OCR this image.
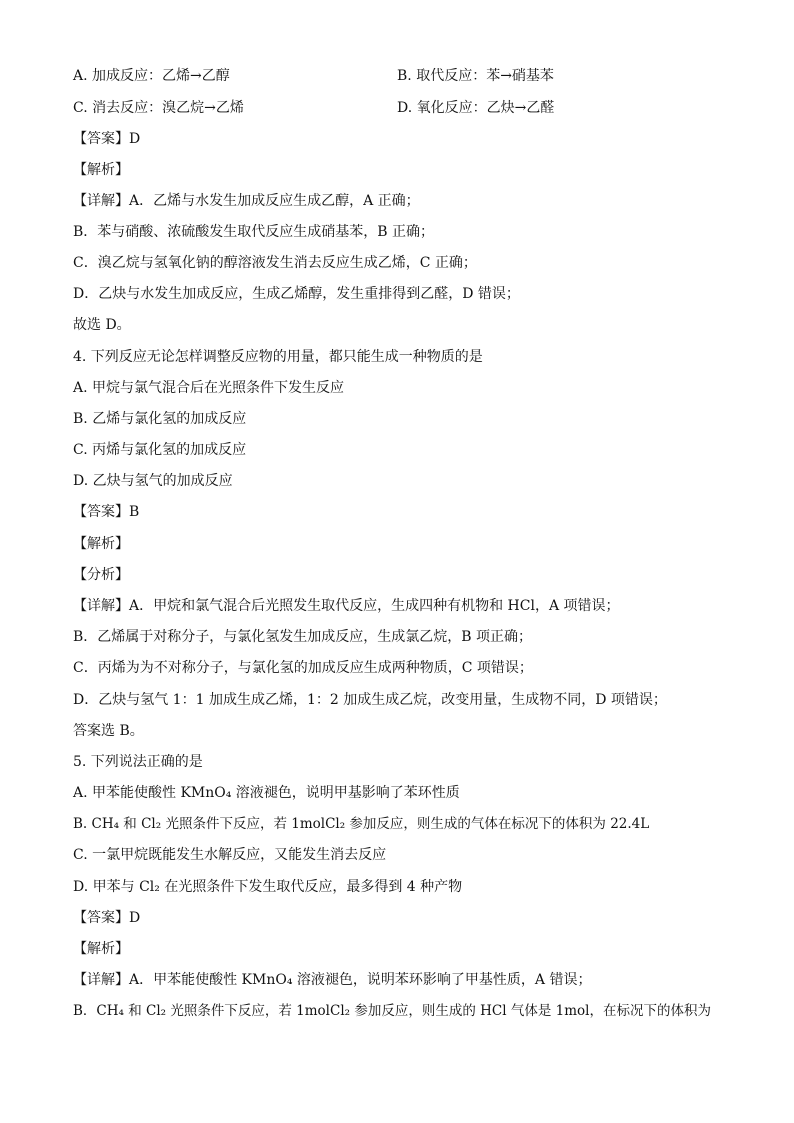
A. 加成反应：乙烯→乙醇	B. 取代反应：苯→硝基苯
C. 消去反应：溴乙烷→乙烯	D. 氧化反应：乙炔→乙醛
【答案】D
【解析】
【详解】A．乙烯与水发生加成反应生成乙醇，A 正确；
B．苯与硝酸、浓硫酸发生取代反应生成硝基苯，B 正确；
C．溴乙烷与氢氧化钠的醇溶液发生消去反应生成乙烯，C 正确；
D．乙炔与水发生加成反应，生成乙烯醇，发生重排得到乙醛，D 错误；
故选 D。
4. 下列反应无论怎样调整反应物的用量，都只能生成一种物质的是
A. 甲烷与氯气混合后在光照条件下发生反应
B. 乙烯与氯化氢的加成反应
C. 丙烯与氯化氢的加成反应
D. 乙炔与氢气的加成反应
【答案】B
【解析】
【分析】
【详解】A．甲烷和氯气混合后光照发生取代反应，生成四种有机物和 HCl，A 项错误；
B．乙烯属于对称分子，与氯化氢发生加成反应，生成氯乙烷，B 项正确；
C．丙烯为为不对称分子，与氯化氢的加成反应生成两种物质，C 项错误；
D．乙炔与氢气 1：1 加成生成乙烯，1：2 加成生成乙烷，改变用量，生成物不同，D 项错误；
答案选 B。
5. 下列说法正确的是
A. 甲苯能使酸性 KMnO₄ 溶液褪色，说明甲基影响了苯环性质
B. CH₄ 和 Cl₂ 光照条件下反应，若 1molCl₂ 参加反应，则生成的气体在标况下的体积为 22.4L
C. 一氯甲烷既能发生水解反应，又能发生消去反应
D. 甲苯与 Cl₂ 在光照条件下发生取代反应，最多得到 4 种产物
【答案】D
【解析】
【详解】A．甲苯能使酸性 KMnO₄ 溶液褪色，说明苯环影响了甲基性质，A 错误；
B．CH₄ 和 Cl₂ 光照条件下反应，若 1molCl₂ 参加反应，则生成的 HCl 气体是 1mol，在标况下的体积为
